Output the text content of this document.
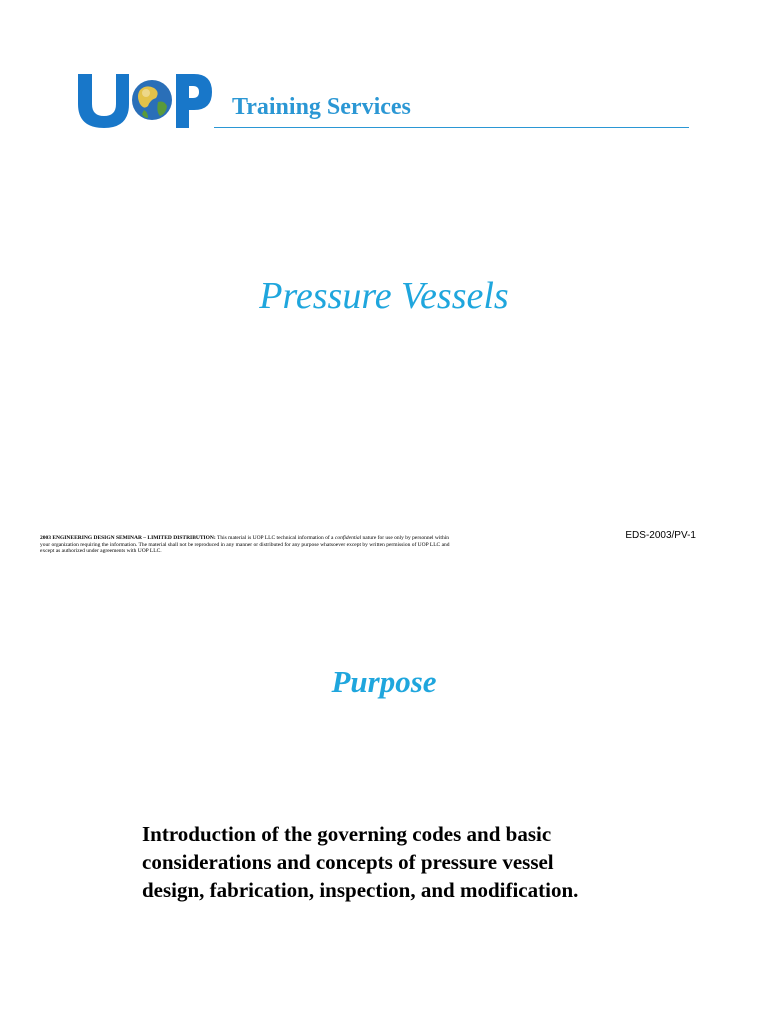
Training Services
Pressure Vessels
2003 ENGINEERING DESIGN SEMINAR – LIMITED DISTRIBUTION: This material is UOP LLC technical information of a confidential nature for use only by personnel within your organization requiring the information. The material shall not be reproduced in any manner or distributed for any purpose whatsoever except by written permission of UOP LLC and except as authorized under agreements with UOP LLC.
EDS-2003/PV-1
Purpose
Introduction of the governing codes and basic
considerations and concepts of pressure vessel
design, fabrication, inspection, and modification.
